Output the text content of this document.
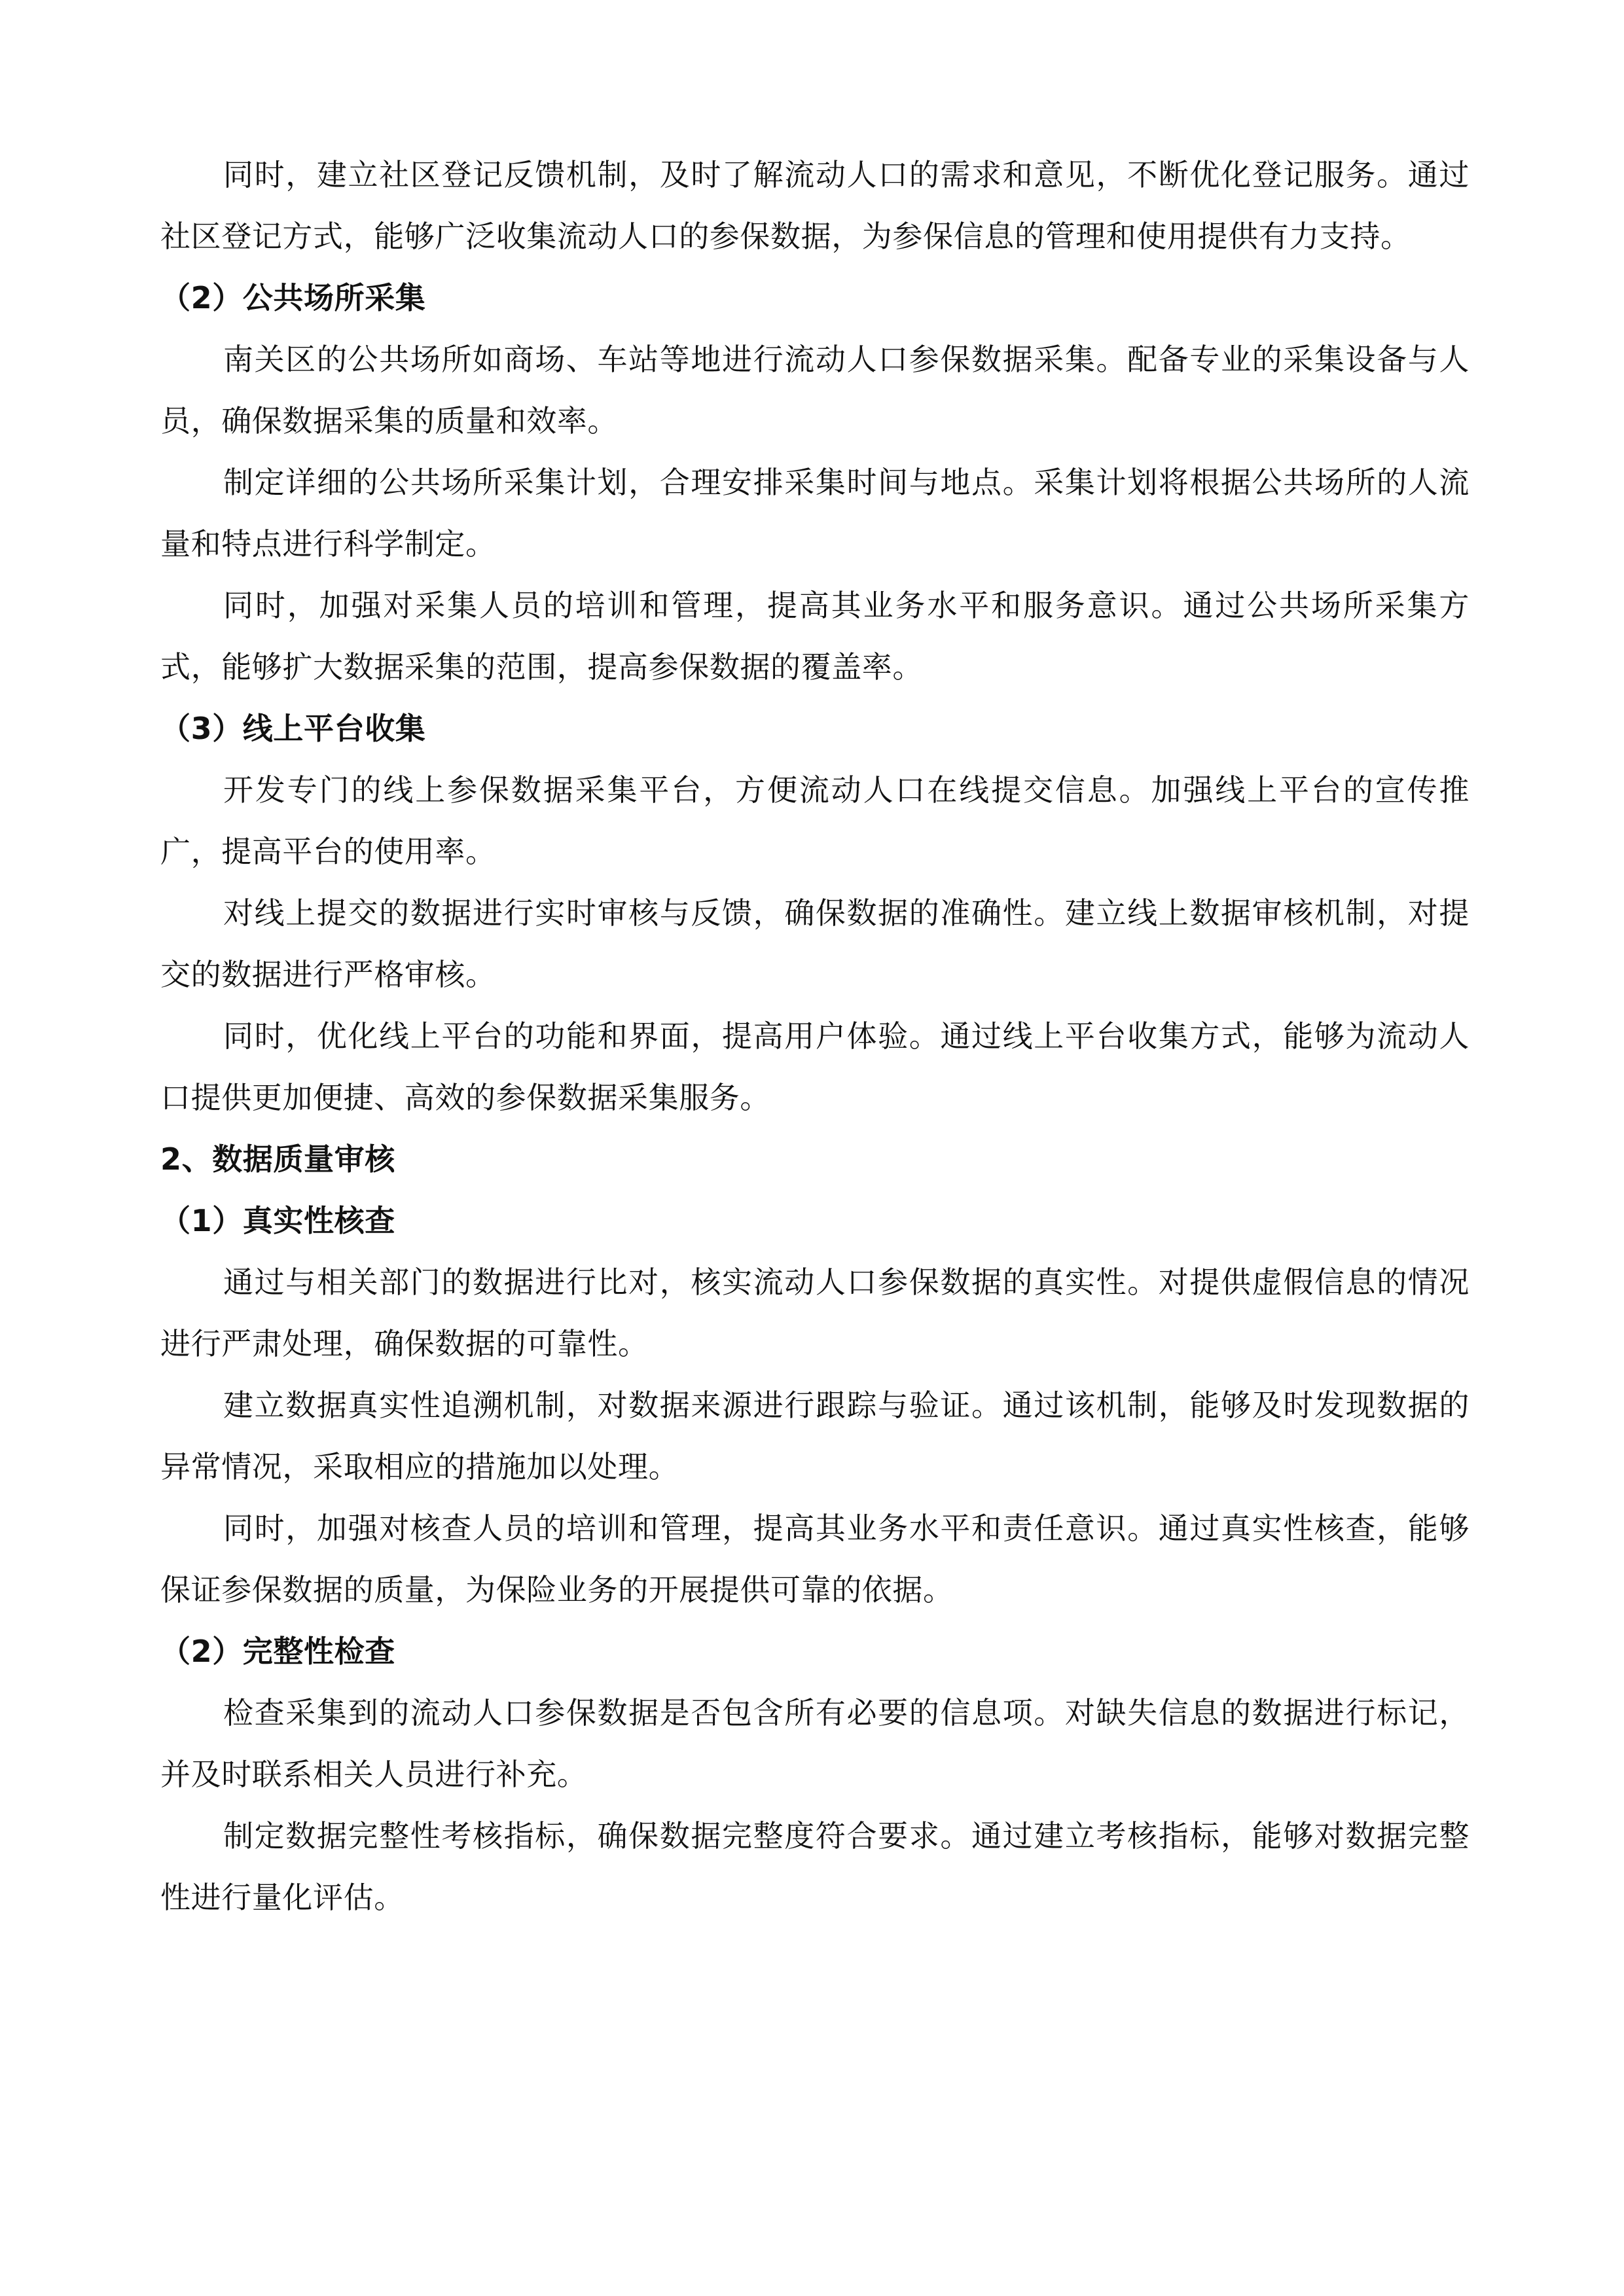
同时，建立社区登记反馈机制，及时了解流动人口的需求和意见，不断优化登记服务。通过社区登记方式，能够广泛收集流动人口的参保数据，为参保信息的管理和使用提供有力支持。

（2）公共场所采集

南关区的公共场所如商场、车站等地进行流动人口参保数据采集。配备专业的采集设备与人员，确保数据采集的质量和效率。

制定详细的公共场所采集计划，合理安排采集时间与地点。采集计划将根据公共场所的人流量和特点进行科学制定。

同时，加强对采集人员的培训和管理，提高其业务水平和服务意识。通过公共场所采集方式，能够扩大数据采集的范围，提高参保数据的覆盖率。

（3）线上平台收集

开发专门的线上参保数据采集平台，方便流动人口在线提交信息。加强线上平台的宣传推广，提高平台的使用率。

对线上提交的数据进行实时审核与反馈，确保数据的准确性。建立线上数据审核机制，对提交的数据进行严格审核。

同时，优化线上平台的功能和界面，提高用户体验。通过线上平台收集方式，能够为流动人口提供更加便捷、高效的参保数据采集服务。

2、数据质量审核

（1）真实性核查

通过与相关部门的数据进行比对，核实流动人口参保数据的真实性。对提供虚假信息的情况进行严肃处理，确保数据的可靠性。

建立数据真实性追溯机制，对数据来源进行跟踪与验证。通过该机制，能够及时发现数据的异常情况，采取相应的措施加以处理。

同时，加强对核查人员的培训和管理，提高其业务水平和责任意识。通过真实性核查，能够保证参保数据的质量，为保险业务的开展提供可靠的依据。

（2）完整性检查

检查采集到的流动人口参保数据是否包含所有必要的信息项。对缺失信息的数据进行标记，并及时联系相关人员进行补充。

制定数据完整性考核指标，确保数据完整度符合要求。通过建立考核指标，能够对数据完整性进行量化评估。
